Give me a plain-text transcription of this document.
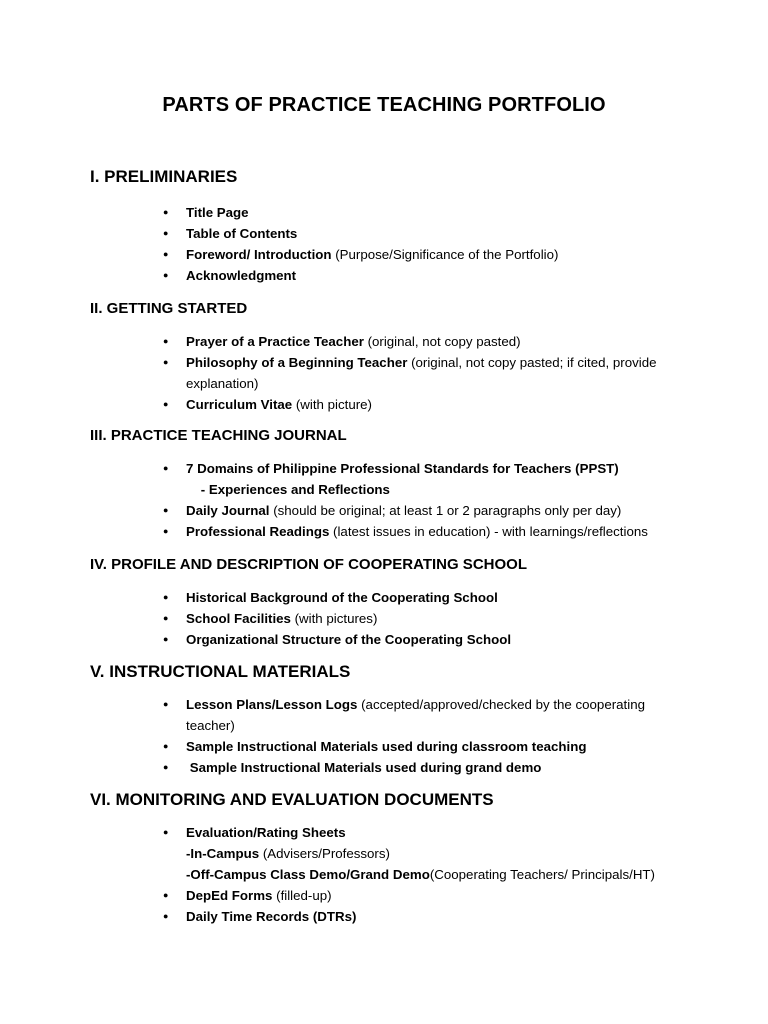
PARTS OF PRACTICE TEACHING PORTFOLIO
I. PRELIMINARIES
● Title Page
● Table of Contents
● Foreword/ Introduction (Purpose/Significance of the Portfolio)
● Acknowledgment
II. GETTING STARTED
● Prayer of a Practice Teacher (original, not copy pasted)
● Philosophy of a Beginning Teacher (original, not copy pasted; if cited, provide explanation)
● Curriculum Vitae (with picture)
III. PRACTICE TEACHING JOURNAL
● 7 Domains of Philippine Professional Standards for Teachers (PPST)
- Experiences and Reflections
● Daily Journal (should be original; at least 1 or 2 paragraphs only per day)
● Professional Readings (latest issues in education) - with learnings/reflections
IV. PROFILE AND DESCRIPTION OF COOPERATING SCHOOL
● Historical Background of the Cooperating School
● School Facilities (with pictures)
● Organizational Structure of the Cooperating School
V. INSTRUCTIONAL MATERIALS
● Lesson Plans/Lesson Logs (accepted/approved/checked by the cooperating teacher)
● Sample Instructional Materials used during classroom teaching
●  Sample Instructional Materials used during grand demo
VI. MONITORING AND EVALUATION DOCUMENTS
● Evaluation/Rating Sheets
-In-Campus (Advisers/Professors)
-Off-Campus Class Demo/Grand Demo(Cooperating Teachers/ Principals/HT)
● DepEd Forms (filled-up)
● Daily Time Records (DTRs)
